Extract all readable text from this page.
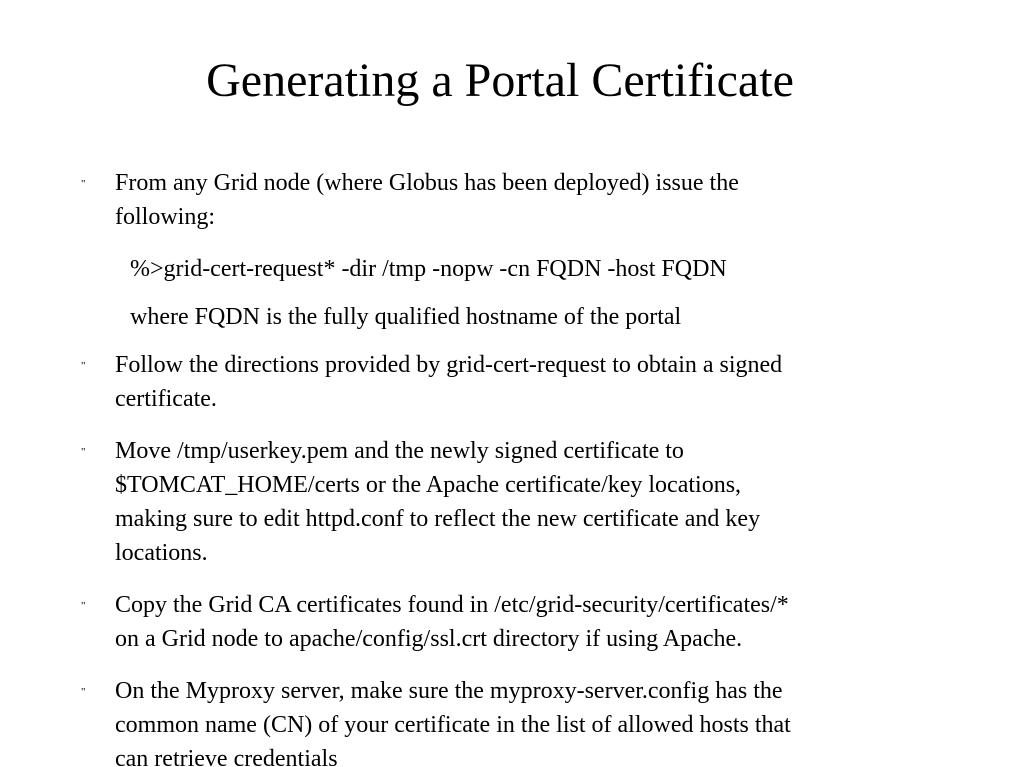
Generating a Portal Certificate
" From any Grid node (where Globus has been deployed) issue the
following:
%>grid-cert-request* -dir /tmp -nopw -cn FQDN -host FQDN
where FQDN is the fully qualified hostname of the portal
" Follow the directions provided by grid-cert-request to obtain a signed
certificate.
" Move /tmp/userkey.pem and the newly signed certificate to
$TOMCAT_HOME/certs or the Apache certificate/key locations,
making sure to edit httpd.conf to reflect the new certificate and key
locations.
" Copy the Grid CA certificates found in /etc/grid-security/certificates/*
on a Grid node to apache/config/ssl.crt directory if using Apache.
" On the Myproxy server, make sure the myproxy-server.config has the
common name (CN) of your certificate in the list of allowed hosts that
can retrieve credentials
